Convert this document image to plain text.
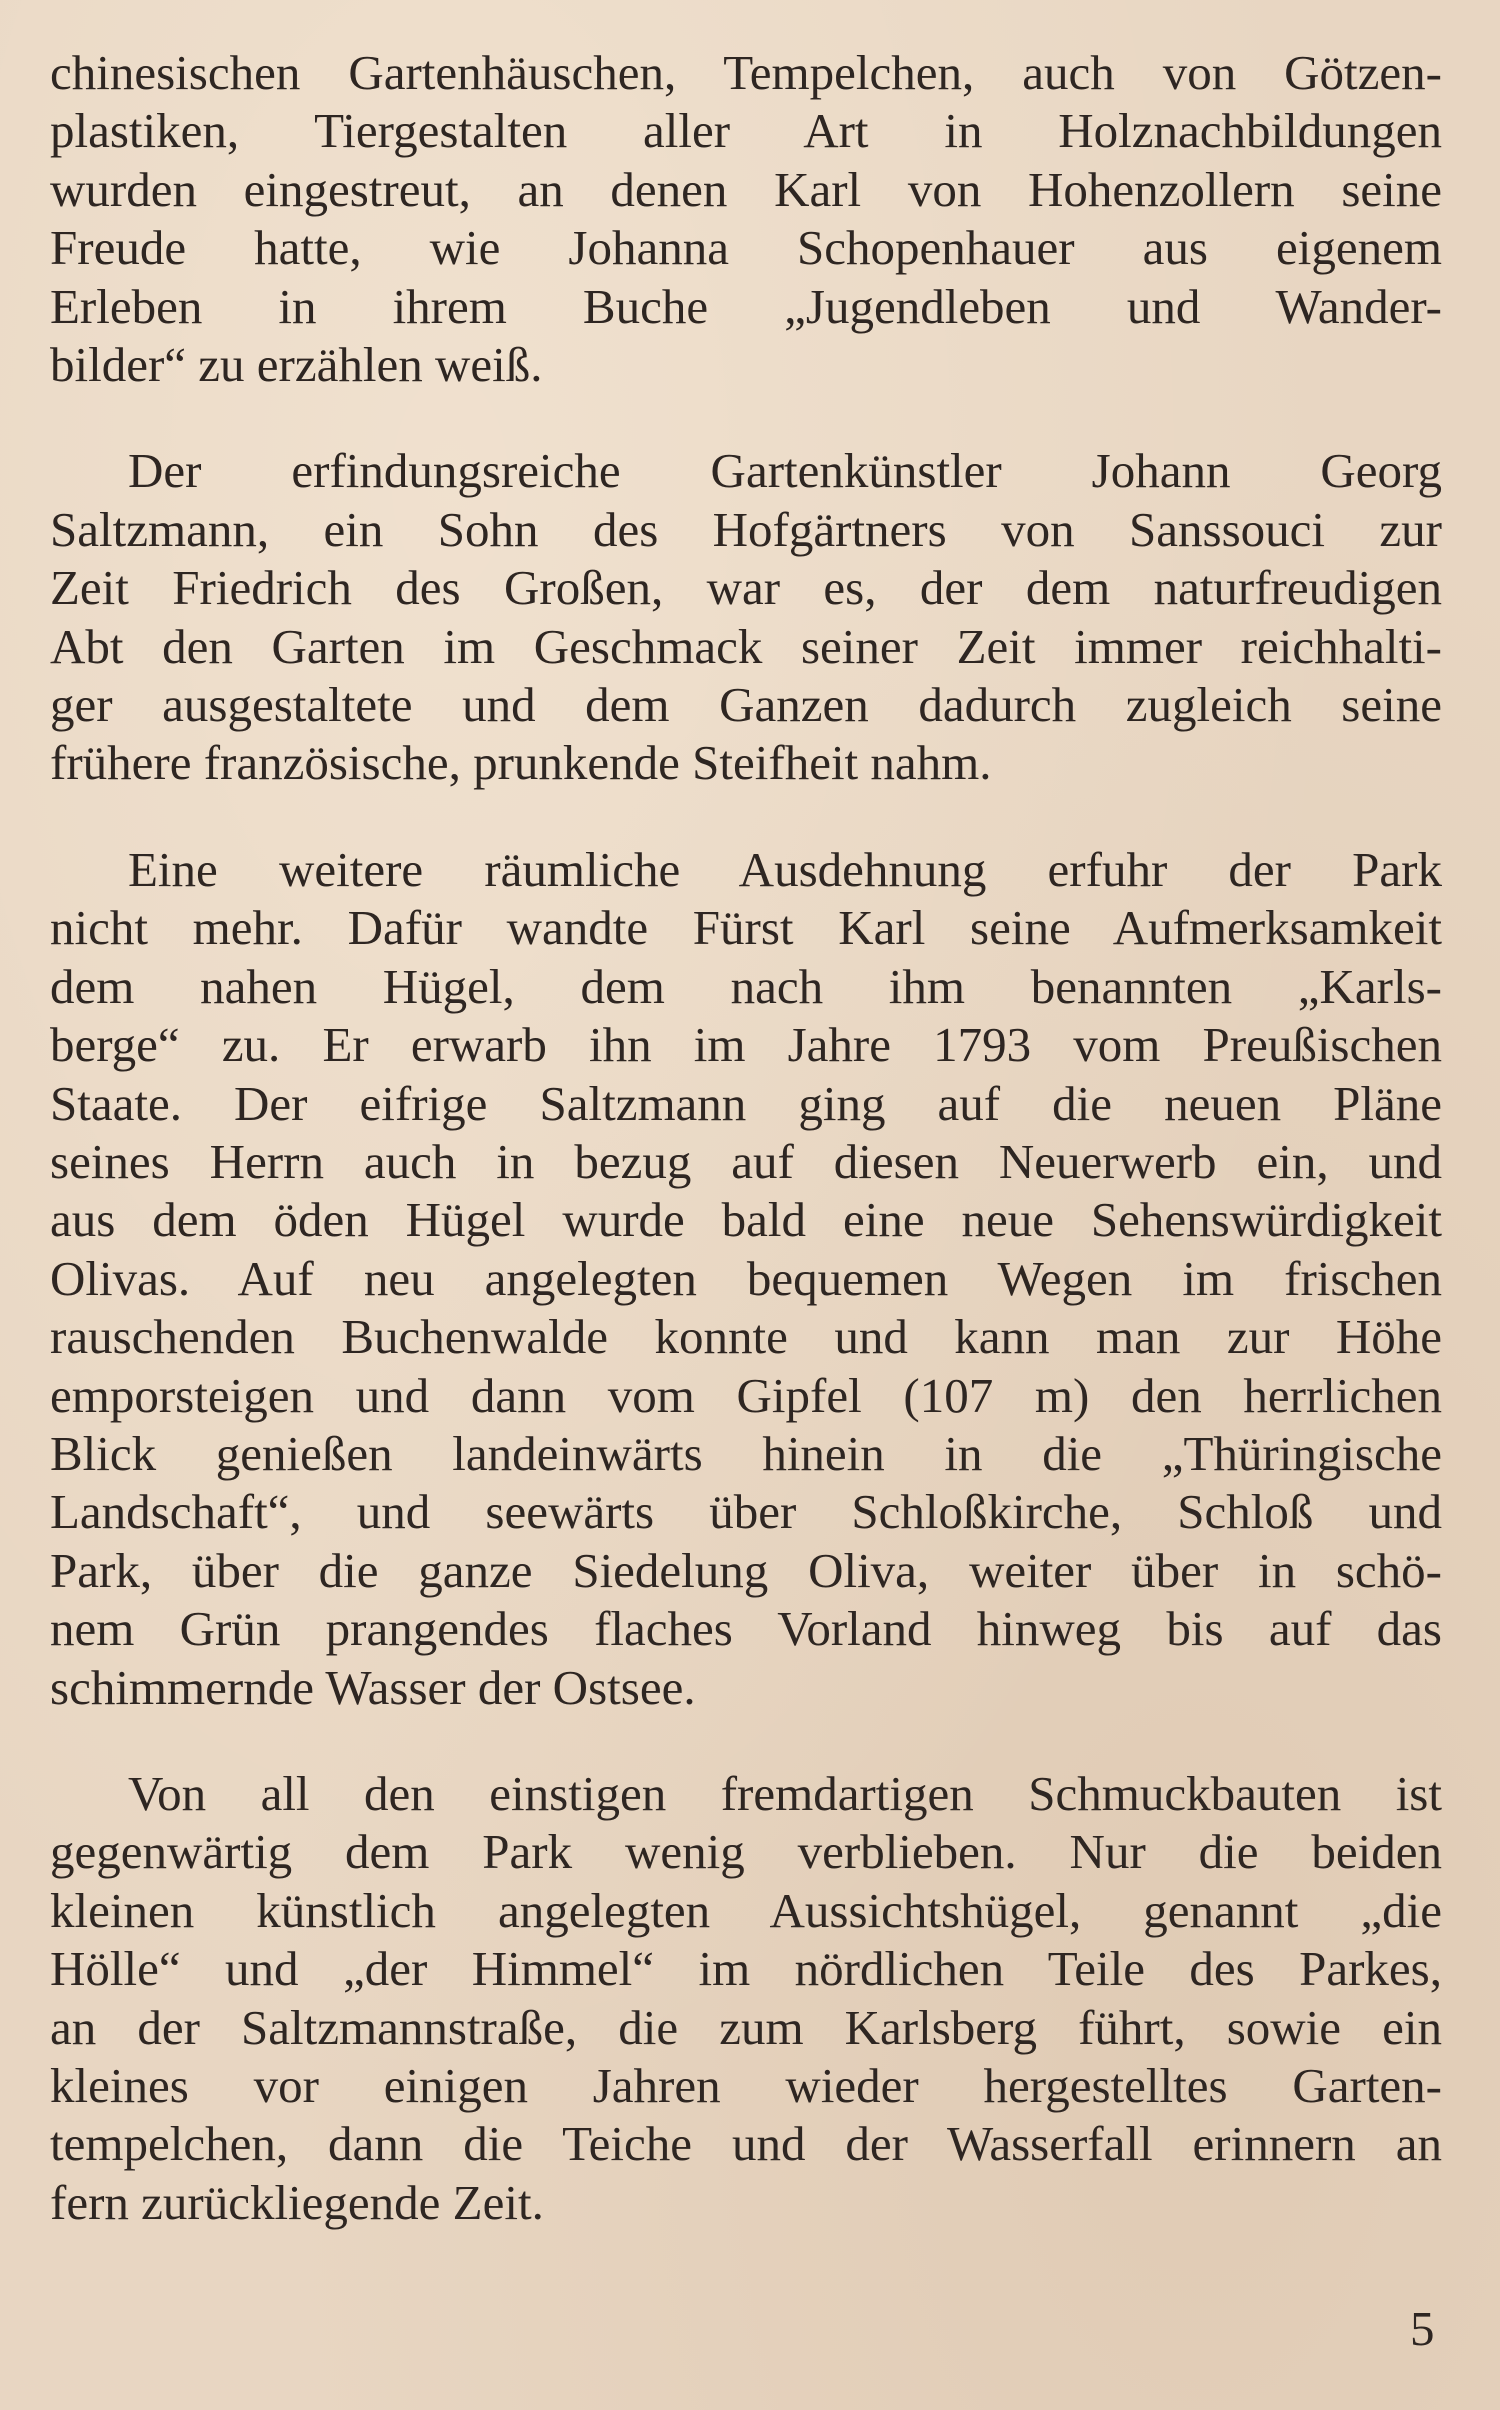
chinesischen Gartenhäuschen, Tempelchen, auch von Götzen-
plastiken, Tiergestalten aller Art in Holznachbildungen
wurden eingestreut, an denen Karl von Hohenzollern seine
Freude hatte, wie Johanna Schopenhauer aus eigenem
Erleben in ihrem Buche „Jugendleben und Wander-
bilder“ zu erzählen weiß.

Der erfindungsreiche Gartenkünstler Johann Georg
Saltzmann, ein Sohn des Hofgärtners von Sanssouci zur
Zeit Friedrich des Großen, war es, der dem naturfreudigen
Abt den Garten im Geschmack seiner Zeit immer reichhalti-
ger ausgestaltete und dem Ganzen dadurch zugleich seine
frühere französische, prunkende Steifheit nahm.

Eine weitere räumliche Ausdehnung erfuhr der Park
nicht mehr. Dafür wandte Fürst Karl seine Aufmerksamkeit
dem nahen Hügel, dem nach ihm benannten „Karls-
berge“ zu. Er erwarb ihn im Jahre 1793 vom Preußischen
Staate. Der eifrige Saltzmann ging auf die neuen Pläne
seines Herrn auch in bezug auf diesen Neuerwerb ein, und
aus dem öden Hügel wurde bald eine neue Sehenswürdigkeit
Olivas. Auf neu angelegten bequemen Wegen im frischen
rauschenden Buchenwalde konnte und kann man zur Höhe
emporsteigen und dann vom Gipfel (107 m) den herrlichen
Blick genießen landeinwärts hinein in die „Thüringische
Landschaft“, und seewärts über Schloßkirche, Schloß und
Park, über die ganze Siedelung Oliva, weiter über in schö-
nem Grün prangendes flaches Vorland hinweg bis auf das
schimmernde Wasser der Ostsee.

Von all den einstigen fremdartigen Schmuckbauten ist
gegenwärtig dem Park wenig verblieben. Nur die beiden
kleinen künstlich angelegten Aussichtshügel, genannt „die
Hölle“ und „der Himmel“ im nördlichen Teile des Parkes,
an der Saltzmannstraße, die zum Karlsberg führt, sowie ein
kleines vor einigen Jahren wieder hergestelltes Garten-
tempelchen, dann die Teiche und der Wasserfall erinnern an
fern zurückliegende Zeit.

5
